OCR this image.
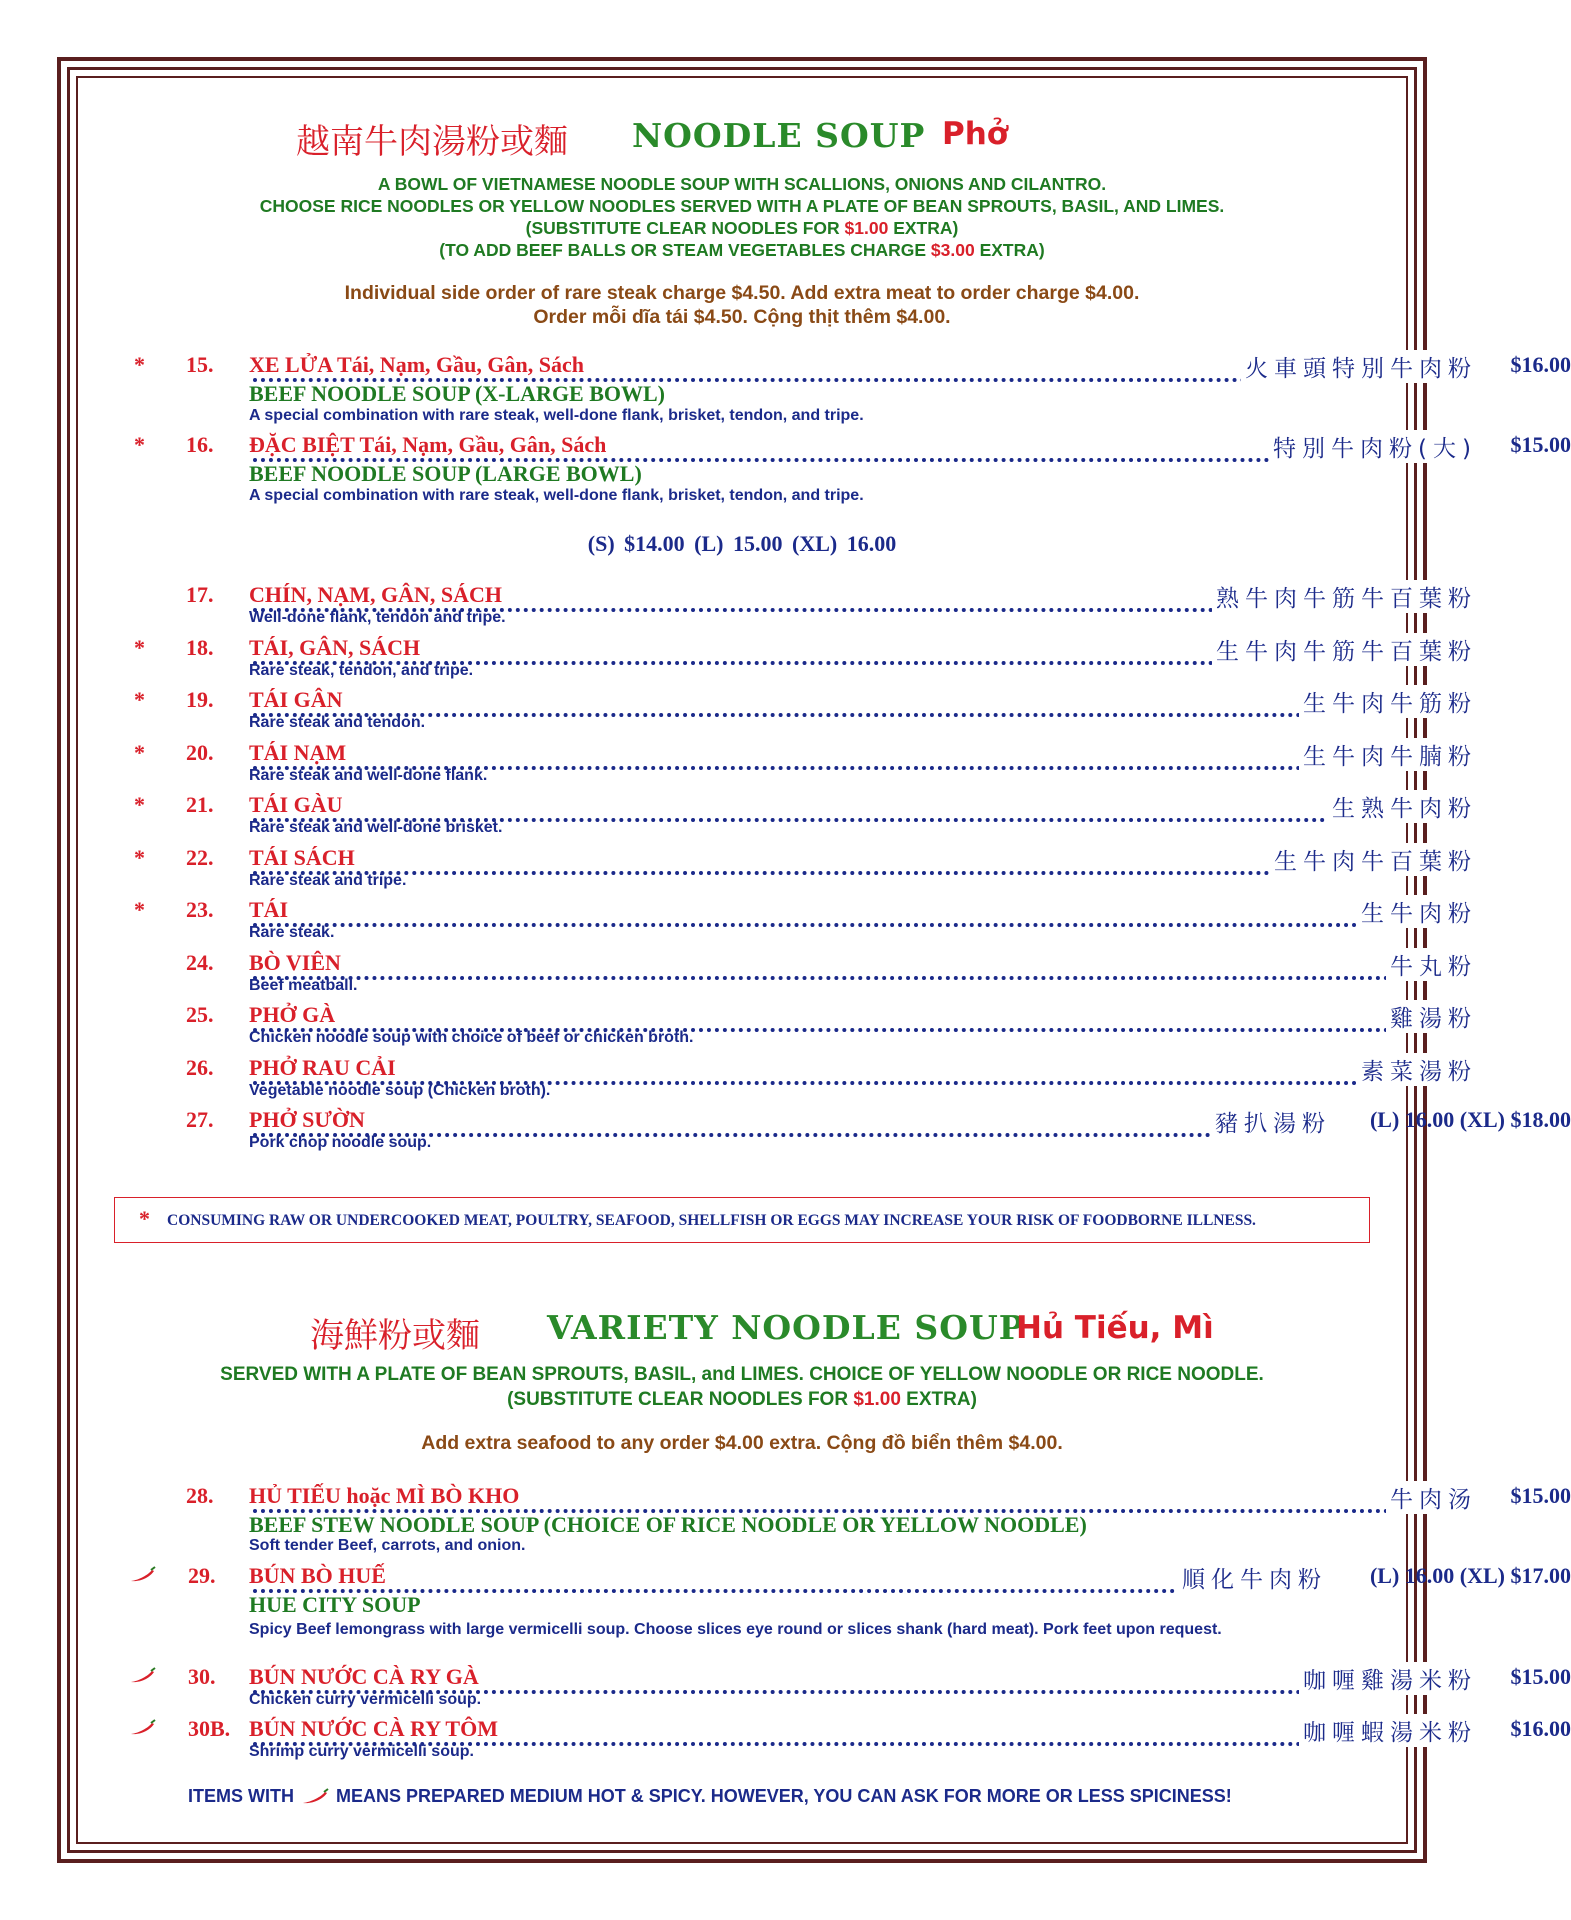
越南牛肉湯粉或麵 NOODLE SOUP Phở
A BOWL OF VIETNAMESE NOODLE SOUP WITH SCALLIONS, ONIONS AND CILANTRO.
CHOOSE RICE NOODLES OR YELLOW NOODLES SERVED WITH A PLATE OF BEAN SPROUTS, BASIL, AND LIMES.
(SUBSTITUTE CLEAR NOODLES FOR $1.00 EXTRA)
(TO ADD BEEF BALLS OR STEAM VEGETABLES CHARGE $3.00 EXTRA)
Individual side order of rare steak charge $4.50. Add extra meat to order charge $4.00.
Order mỗi dĩa tái $4.50. Cộng thịt thêm $4.00.
* 15. XE LỬA Tái, Nạm, Gầu, Gân, Sách	火車頭特別牛肉粉 $16.00
BEEF NOODLE SOUP (X-LARGE BOWL)
A special combination with rare steak, well-done flank, brisket, tendon, and tripe.
* 16. ĐẶC BIỆT Tái, Nạm, Gầu, Gân, Sách	特別牛肉粉(大) $15.00
BEEF NOODLE SOUP (LARGE BOWL)
A special combination with rare steak, well-done flank, brisket, tendon, and tripe.
(S) $14.00 (L) 15.00 (XL) 16.00
17. CHÍN, NẠM, GÂN, SÁCH	熟牛肉牛筋牛百葉粉
Well-done flank, tendon and tripe.
* 18. TÁI, GÂN, SÁCH	生牛肉牛筋牛百葉粉
Rare steak, tendon, and tripe.
* 19. TÁI GÂN	生牛肉牛筋粉
Rare steak and tendon.
* 20. TÁI NẠM	生牛肉牛腩粉
Rare steak and well-done flank.
* 21. TÁI GÀU	生熟牛肉粉
Rare steak and well-done brisket.
* 22. TÁI SÁCH	生牛肉牛百葉粉
Rare steak and tripe.
* 23. TÁI	生牛肉粉
Rare steak.
24. BÒ VIÊN	牛丸粉
Beef meatball.
25. PHỞ GÀ	雞湯粉
Chicken noodle soup with choice of beef or chicken broth.
26. PHỞ RAU CẢI	素菜湯粉
Vegetable noodle soup (Chicken broth).
27. PHỞ SƯỜN	豬扒湯粉 (L) 16.00 (XL) $18.00
Pork chop noodle soup.
* CONSUMING RAW OR UNDERCOOKED MEAT, POULTRY, SEAFOOD, SHELLFISH OR EGGS MAY INCREASE YOUR RISK OF FOODBORNE ILLNESS.
海鮮粉或麵 VARIETY NOODLE SOUP
Hủ Tiếu, Mì
SERVED WITH A PLATE OF BEAN SPROUTS, BASIL, and LIMES. CHOICE OF YELLOW NOODLE OR RICE NOODLE.
(SUBSTITUTE CLEAR NOODLES FOR $1.00 EXTRA)
Add extra seafood to any order $4.00 extra. Cộng đồ biển thêm $4.00.
28. HỦ TIẾU hoặc MÌ BÒ KHO	牛肉汤 $15.00
BEEF STEW NOODLE SOUP (CHOICE OF RICE NOODLE OR YELLOW NOODLE)
Soft tender Beef, carrots, and onion.
29. BÚN BÒ HUẾ	順化牛肉粉 (L) 16.00 (XL) $17.00
HUE CITY SOUP
Spicy Beef lemongrass with large vermicelli soup. Choose slices eye round or slices shank (hard meat). Pork feet upon request.
30. BÚN NƯỚC CÀ RY GÀ	咖喱雞湯米粉 $15.00
Chicken curry vermicelli soup.
30B. BÚN NƯỚC CÀ RY TÔM	咖喱蝦湯米粉 $16.00
Shrimp curry vermicelli soup.
ITEMS WITH MEANS PREPARED MEDIUM HOT & SPICY. HOWEVER, YOU CAN ASK FOR MORE OR LESS SPICINESS!
